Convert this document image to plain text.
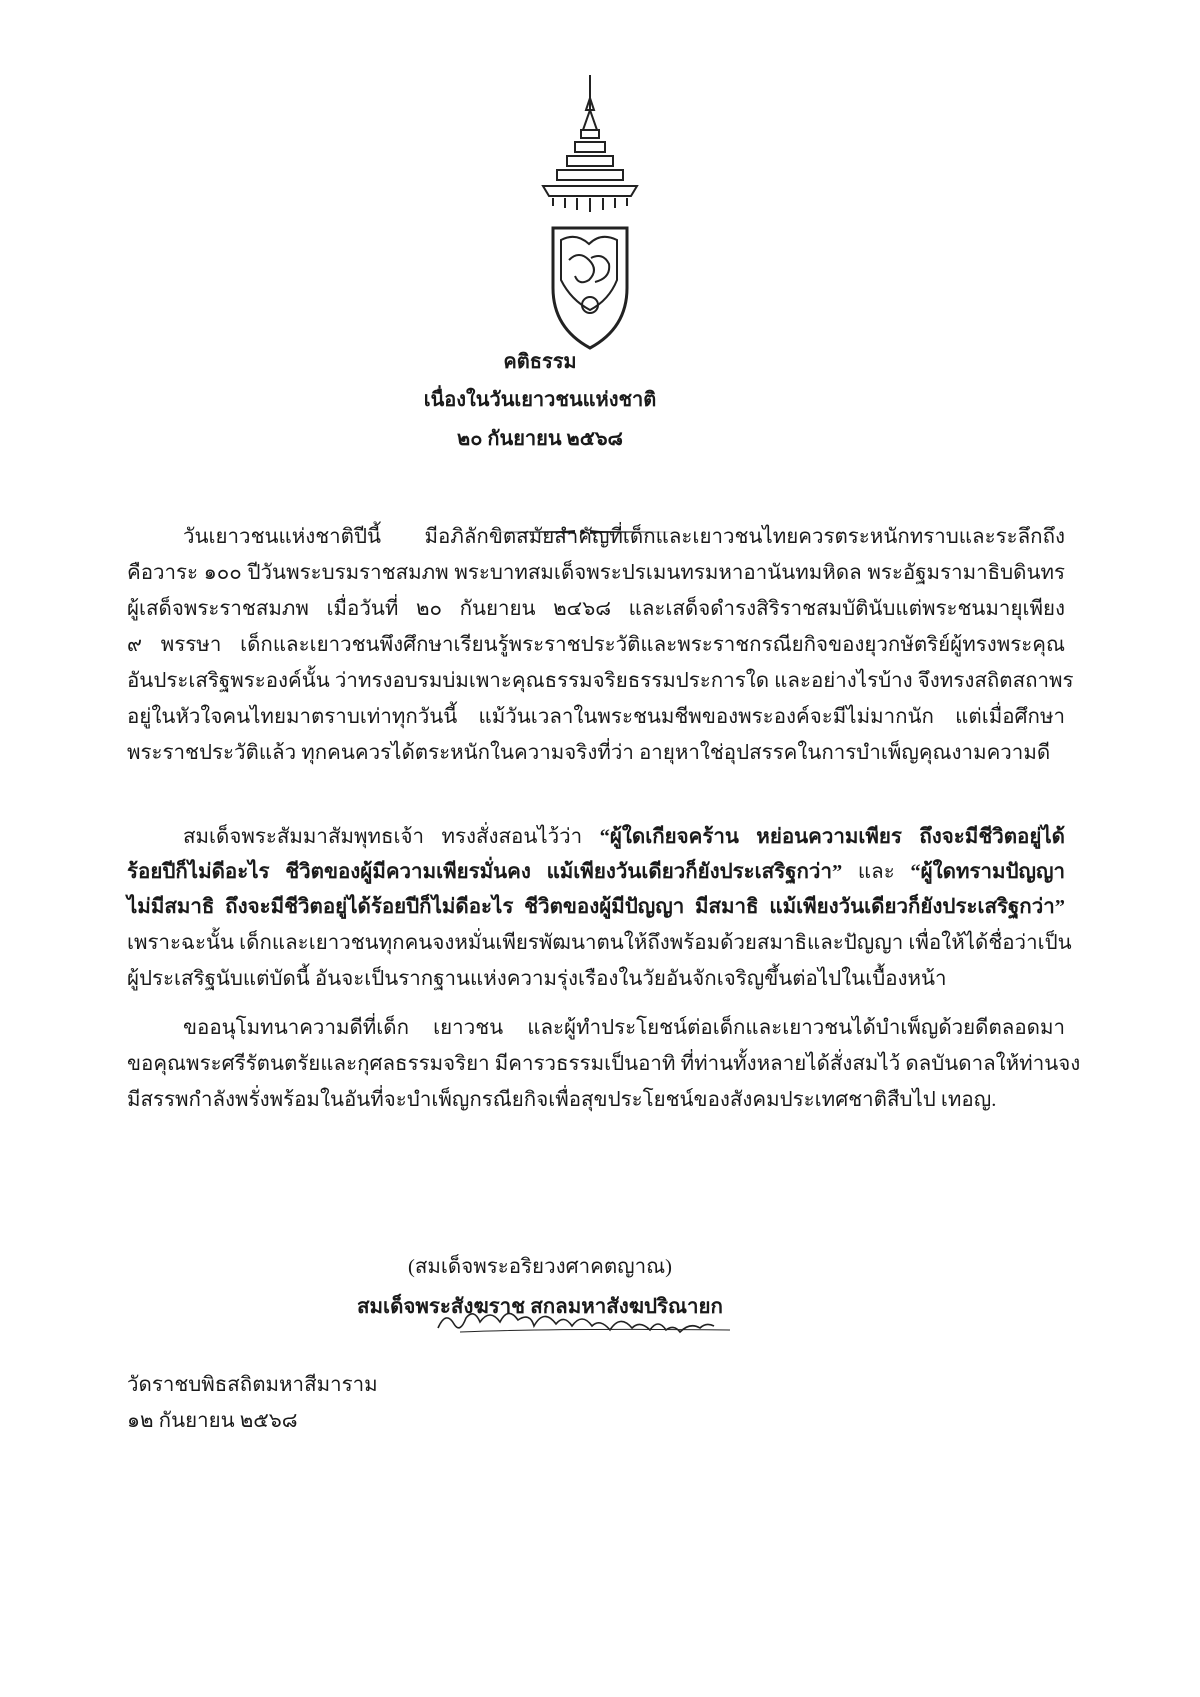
คติธรรม
เนื่องในวันเยาวชนแห่งชาติ
๒๐ กันยายน ๒๕๖๘
วันเยาวชนแห่งชาติปีนี้ มีอภิลักขิตสมัยสำคัญที่เด็กและเยาวชนไทยควรตระหนักทราบและระลึกถึง
คือวาระ ๑๐๐ ปีวันพระบรมราชสมภพ พระบาทสมเด็จพระปรเมนทรมหาอานันทมหิดล พระอัฐมรามาธิบดินทร
ผู้เสด็จพระราชสมภพ เมื่อวันที่ ๒๐ กันยายน ๒๔๖๘ และเสด็จดำรงสิริราชสมบัตินับแต่พระชนมายุเพียง
๙ พรรษา เด็กและเยาวชนพึงศึกษาเรียนรู้พระราชประวัติและพระราชกรณียกิจของยุวกษัตริย์ผู้ทรงพระคุณ
อันประเสริฐพระองค์นั้น ว่าทรงอบรมบ่มเพาะคุณธรรมจริยธรรมประการใด และอย่างไรบ้าง จึงทรงสถิตสถาพร
อยู่ในหัวใจคนไทยมาตราบเท่าทุกวันนี้ แม้วันเวลาในพระชนมชีพของพระองค์จะมีไม่มากนัก แต่เมื่อศึกษา
พระราชประวัติแล้ว ทุกคนควรได้ตระหนักในความจริงที่ว่า อายุหาใช่อุปสรรคในการบำเพ็ญคุณงามความดี
สมเด็จพระสัมมาสัมพุทธเจ้า ทรงสั่งสอนไว้ว่า “ผู้ใดเกียจคร้าน หย่อนความเพียร ถึงจะมีชีวิตอยู่ได้
ร้อยปีก็ไม่ดีอะไร ชีวิตของผู้มีความเพียรมั่นคง แม้เพียงวันเดียวก็ยังประเสริฐกว่า” และ “ผู้ใดทรามปัญญา
ไม่มีสมาธิ ถึงจะมีชีวิตอยู่ได้ร้อยปีก็ไม่ดีอะไร ชีวิตของผู้มีปัญญา มีสมาธิ แม้เพียงวันเดียวก็ยังประเสริฐกว่า”
เพราะฉะนั้น เด็กและเยาวชนทุกคนจงหมั่นเพียรพัฒนาตนให้ถึงพร้อมด้วยสมาธิและปัญญา เพื่อให้ได้ชื่อว่าเป็น
ผู้ประเสริฐนับแต่บัดนี้ อันจะเป็นรากฐานแห่งความรุ่งเรืองในวัยอันจักเจริญขึ้นต่อไปในเบื้องหน้า
ขออนุโมทนาความดีที่เด็ก เยาวชน และผู้ทำประโยชน์ต่อเด็กและเยาวชนได้บำเพ็ญด้วยดีตลอดมา
ขอคุณพระศรีรัตนตรัยและกุศลธรรมจริยา มีคารวธรรมเป็นอาทิ ที่ท่านทั้งหลายได้สั่งสมไว้ ดลบันดาลให้ท่านจง
มีสรรพกำลังพรั่งพร้อมในอันที่จะบำเพ็ญกรณียกิจเพื่อสุขประโยชน์ของสังคมประเทศชาติสืบไป เทอญ.
(สมเด็จพระอริยวงศาคตญาณ)
สมเด็จพระสังฆราช สกลมหาสังฆปริณายก
วัดราชบพิธสถิตมหาสีมาราม
๑๒ กันยายน ๒๕๖๘
